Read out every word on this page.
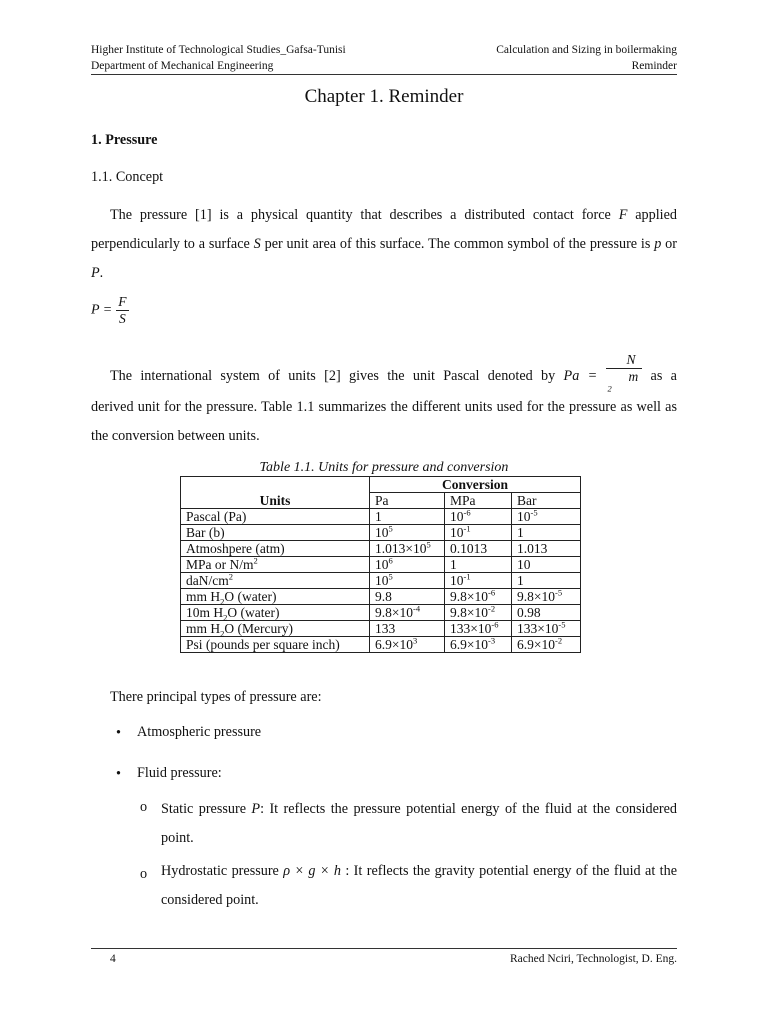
Higher Institute of Technological Studies_Gafsa-Tunisi
Department of Mechanical Engineering
Calculation and Sizing in boilermaking
Reminder
Chapter 1. Reminder
1. Pressure
1.1. Concept
The pressure [1] is a physical quantity that describes a distributed contact force F applied perpendicularly to a surface S per unit area of this surface. The common symbol of the pressure is p or P.
$P = \frac{F}{S}$
The international system of units [2] gives the unit Pascal denoted by Pa = N
m
$^2$ as a
derived unit for the pressure. Table 1.1 summarizes the different units used for the pressure as well as the conversion between units.
Table 1.1. Units for pressure and conversion
	Conversion		
Units	Pa	MPa	Bar
Pascal (Pa)	1	$10^{-6}$	$10^{-5}$
Bar (b)	$10^5$	$10^{-1}$	1
Atmoshpere (atm)	$1.013\times 10^5$	0.1013	1.013
MPa or $N/m^2$	$10^6$	1	10
daN/$cm^2$	$10^5$	$10^{-1}$	1
mm $H_2O$ (water)	9.8	$9.8\times 10^{-6}$	$9.8\times 10^{-5}$
10m $H_2O$ (water)	$9.8\times 10^{-4}$	$9.8\times 10^{-2}$	0.98
mm $H_2O$ (Mercury)	133	$133\times 10^{-6}$	$133\times 10^{-5}$
Psi (pounds per square inch)	$6.9\times 10^3$	$6.9\times 10^{-3}$	$6.9\times 10^{-2}$
There principal types of pressure are:
• Atmospheric pressure
• Fluid pressure:
o Static pressure P: It reflects the pressure potential energy of the fluid at the considered point.
o Hydrostatic pressure ρ × g × h : It reflects the gravity potential energy of the fluid at the considered point.
4	Rached Nciri, Technologist, D. Eng.
